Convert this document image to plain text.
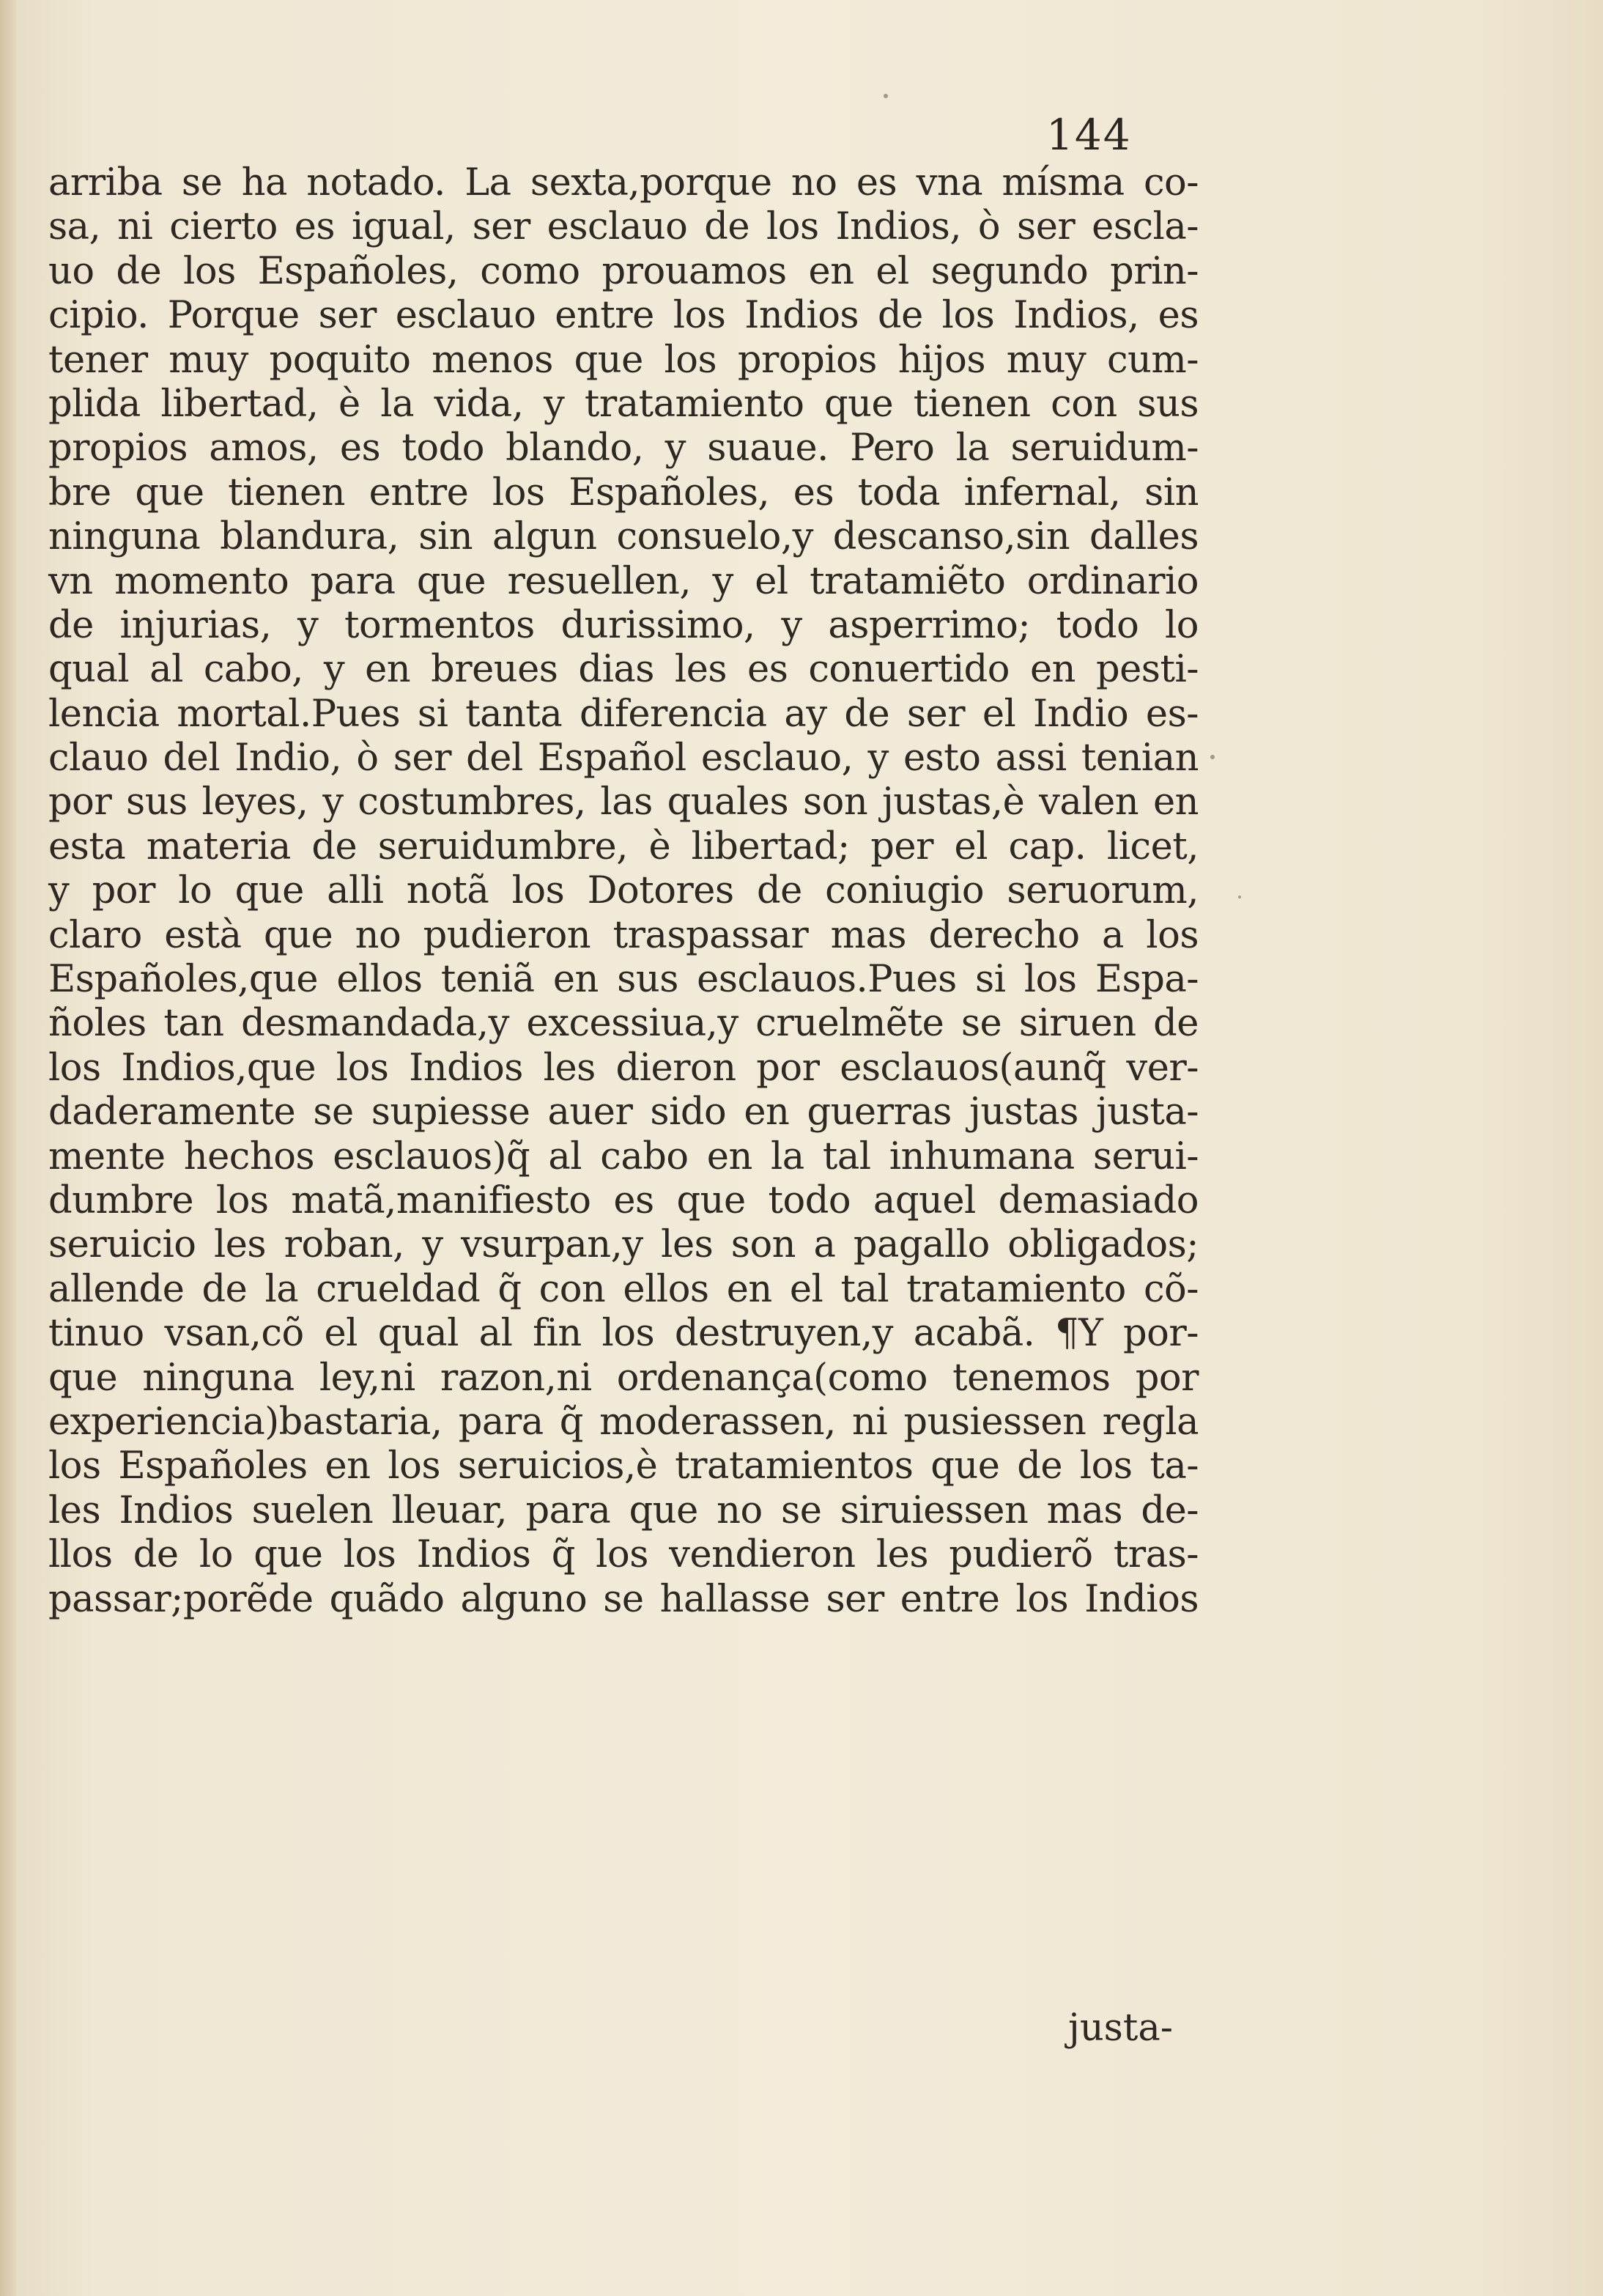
144
arriba se ha notado. La sexta,porque no es vna mísma co-
sa, ni cierto es igual, ser esclauo de los Indios, ò ser escla-
uo de los Españoles, como prouamos en el segundo prin-
cipio. Porque ser esclauo entre los Indios de los Indios, es
tener muy poquito menos que los propios hijos muy cum-
plida libertad, è la vida, y tratamiento que tienen con sus
propios amos, es todo blando, y suaue. Pero la seruidum-
bre que tienen entre los Españoles, es toda infernal, sin
ninguna blandura, sin algun consuelo,y descanso,sin dalles
vn momento para que resuellen, y el tratamiẽto ordinario
de injurias, y tormentos durissimo, y asperrimo; todo lo
qual al cabo, y en breues dias les es conuertido en pesti-
lencia mortal.Pues si tanta diferencia ay de ser el Indio es-
clauo del Indio, ò ser del Español esclauo, y esto assi tenian
por sus leyes, y costumbres, las quales son justas,è valen en
esta materia de seruidumbre, è libertad; per el cap. licet,
y por lo que alli notã los Dotores de coniugio seruorum,
claro està que no pudieron traspassar mas derecho a los
Españoles,que ellos teniã en sus esclauos.Pues si los Espa-
ñoles tan desmandada,y excessiua,y cruelmẽte se siruen de
los Indios,que los Indios les dieron por esclauos(aunq̃ ver-
daderamente se supiesse auer sido en guerras justas justa-
mente hechos esclauos)q̃ al cabo en la tal inhumana serui-
dumbre los matã,manifiesto es que todo aquel demasiado
seruicio les roban, y vsurpan,y les son a pagallo obligados;
allende de la crueldad q̃ con ellos en el tal tratamiento cõ-
tinuo vsan,cõ el qual al fin los destruyen,y acabã. ¶Y por-
que ninguna ley,ni razon,ni ordenança(como tenemos por
experiencia)bastaria, para q̃ moderassen, ni pusiessen regla
los Españoles en los seruicios,è tratamientos que de los ta-
les Indios suelen lleuar, para que no se siruiessen mas de-
llos de lo que los Indios q̃ los vendieron les pudierõ tras-
passar;porẽde quãdo alguno se hallasse ser entre los Indios
justa-
